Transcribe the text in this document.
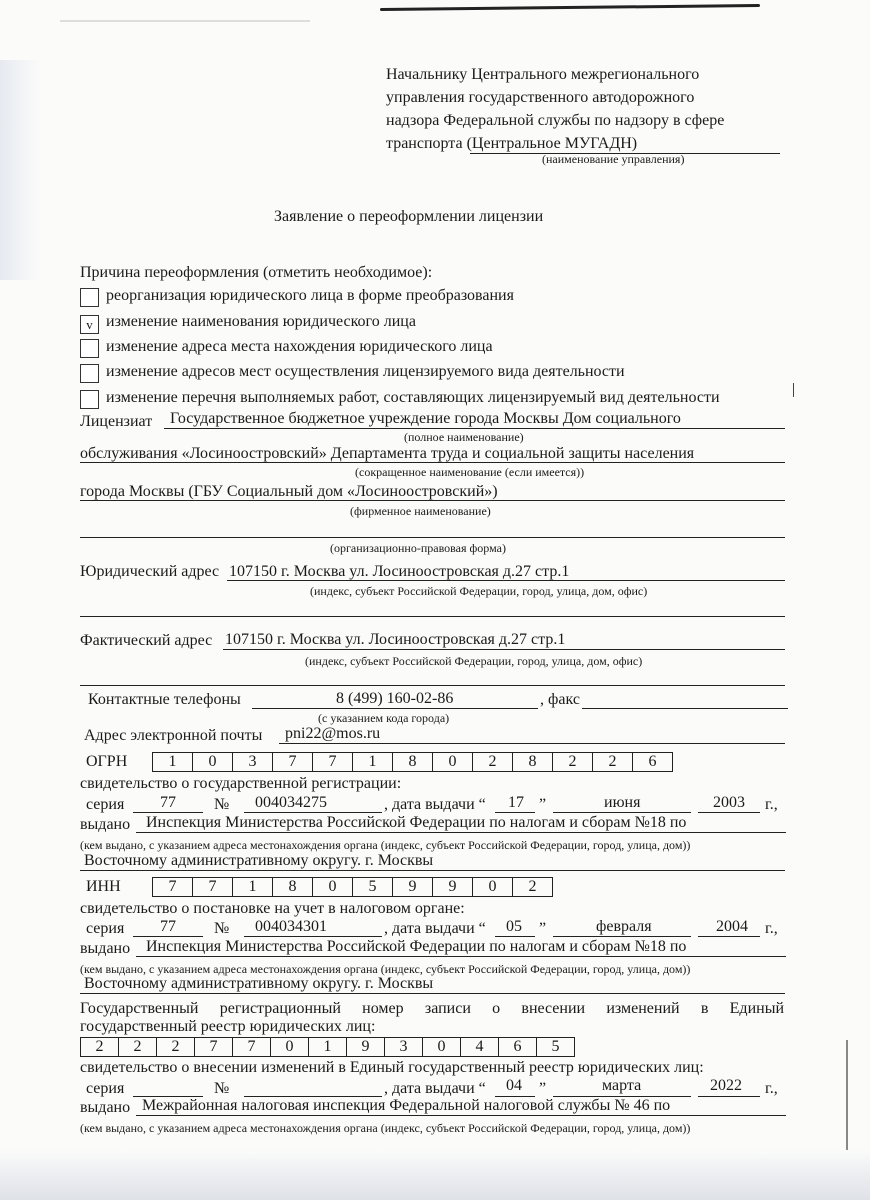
Начальнику Центрального межрегионального
управления государственного автодорожного
надзора Федеральной службы по надзору в сфере
транспорта (Центральное МУГАДН)
(наименование управления)
Заявление о переоформлении лицензии
Причина переоформления (отметить необходимое):
реорганизация юридического лица в форме преобразования
v изменение наименования юридического лица
изменение адреса места нахождения юридического лица
изменение адресов мест осуществления лицензируемого вида деятельности
изменение перечня выполняемых работ, составляющих лицензируемый вид деятельности
Лицензиат Государственное бюджетное учреждение города Москвы Дом социального
(полное наименование)
обслуживания «Лосиноостровский» Департамента труда и социальной защиты населения
(сокращенное наименование (если имеется))
города Москвы (ГБУ Социальный дом «Лосиноостровский»)
(фирменное наименование)
(организационно-правовая форма)
Юридический адрес 107150 г. Москва ул. Лосиноостровская д.27 стр.1
(индекс, субъект Российской Федерации, город, улица, дом, офис)
Фактический адрес 107150 г. Москва ул. Лосиноостровская д.27 стр.1
(индекс, субъект Российской Федерации, город, улица, дом, офис)
Контактные телефоны	8 (499) 160-02-86	, факс
(с указанием кода города)
Адрес электронной почты pni22@mos.ru
ОГРН	1	0	3	7	7	1	8	0	2	8	2	2	6
свидетельство о государственной регистрации:
серия 77 № 004034275	, дата выдачи “ 17 ”	июня	2003 г.,
выдано Инспекция Министерства Российской Федерации по налогам и сборам №18 по
(кем выдано, с указанием адреса местонахождения органа (индекс, субъект Российской Федерации, город, улица, дом))
Восточному административному округу. г. Москвы
ИНН	7	7	1	8	0	5	9	9	0	2
свидетельство о постановке на учет в налоговом органе:
серия 77 № 004034301	, дата выдачи “ 05 ”	февраля	2004 г.,
выдано Инспекция Министерства Российской Федерации по налогам и сборам №18 по
(кем выдано, с указанием адреса местонахождения органа (индекс, субъект Российской Федерации, город, улица, дом))
Восточному административному округу. г. Москвы
Государственный регистрационный номер записи о внесении изменений в Единый
государственный реестр юридических лиц:
2	2	2	7	7	0	1	9	3	0	4	6	5
свидетельство о внесении изменений в Единый государственный реестр юридических лиц:
серия	№	, дата выдачи “ 04 ”	марта	2022 г.,
выдано Межрайонная налоговая инспекция Федеральной налоговой службы № 46 по
(кем выдано, с указанием адреса местонахождения органа (индекс, субъект Российской Федерации, город, улица, дом))
